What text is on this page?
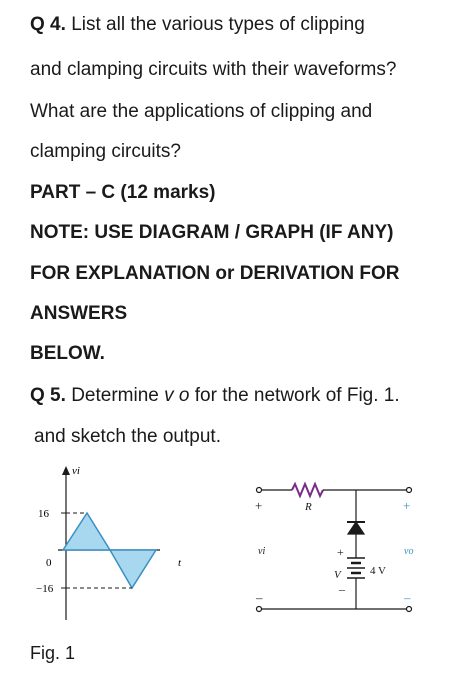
Q 4. List all the various types of clipping
and clamping circuits with their waveforms?
What are the applications of clipping and
clamping circuits?
PART – C (12 marks)
NOTE: USE DIAGRAM / GRAPH (IF ANY)
FOR EXPLANATION or DERIVATION FOR
ANSWERS
BELOW.
Q 5. Determine v o for the network of Fig. 1.
and sketch the output.
vi
t
16
0
−16
+
–
vi
R	+
–
vo
+
–
V	4 V
Fig. 1
